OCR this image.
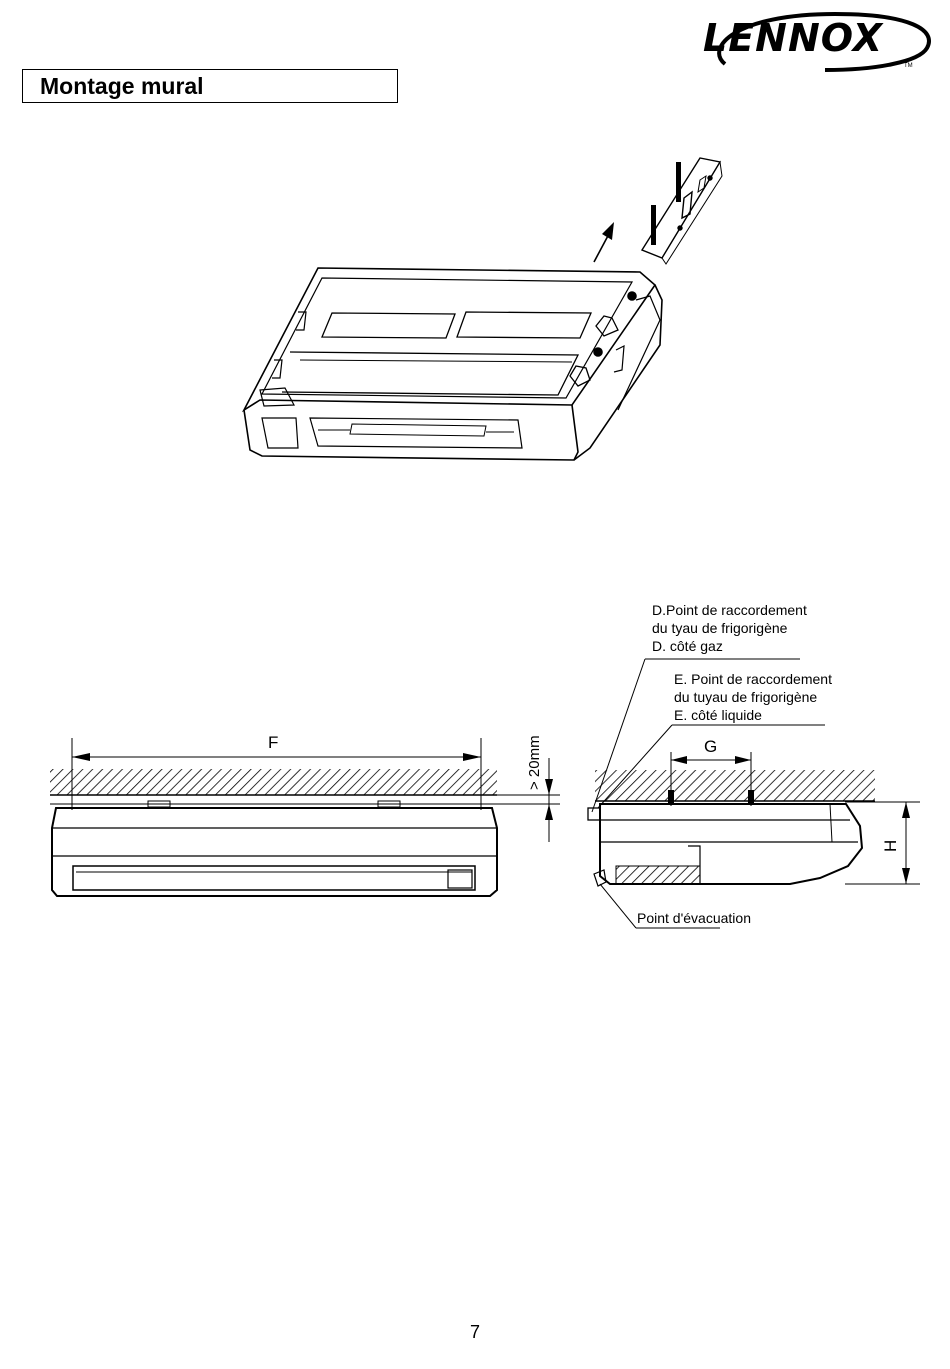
LENNOX
TM
Montage mural
F	> 20mm	G
H
D.Point de raccordement
du tyau de frigorigène
D. côté gaz
E. Point de raccordement
du tuyau de frigorigène
E. côté liquide
Point d'évacuation
7
